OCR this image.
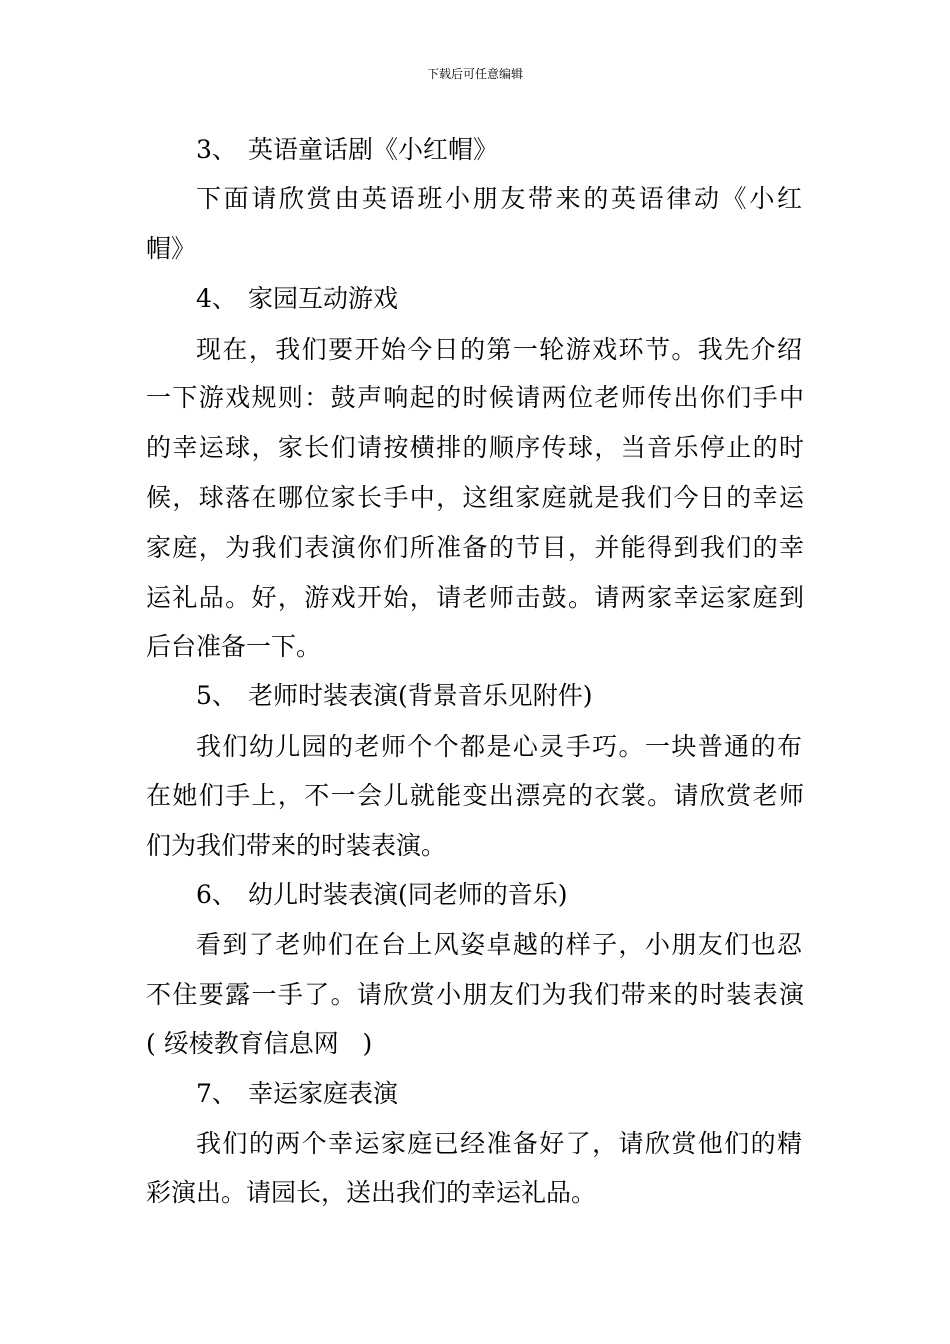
下载后可任意编辑
3、 英语童话剧《小红帽》
下面请欣赏由英语班小朋友带来的英语律动《小红
帽》
4、 家园互动游戏
现在，我们要开始今日的第一轮游戏环节。我先介绍
一下游戏规则：鼓声响起的时候请两位老师传出你们手中
的幸运球，家长们请按横排的顺序传球，当音乐停止的时
候，球落在哪位家长手中，这组家庭就是我们今日的幸运
家庭，为我们表演你们所准备的节目，并能得到我们的幸
运礼品。好，游戏开始，请老师击鼓。请两家幸运家庭到
后台准备一下。
5、 老师时装表演(背景音乐见附件)
我们幼儿园的老师个个都是心灵手巧。一块普通的布
在她们手上，不一会儿就能变出漂亮的衣裳。请欣赏老师
们为我们带来的时装表演。
6、 幼儿时装表演(同老师的音乐)
看到了老帅们在台上风姿卓越的样子，小朋友们也忍
不住要露一手了。请欣赏小朋友们为我们带来的时装表演
( 绥棱教育信息网   )
7、 幸运家庭表演
我们的两个幸运家庭已经准备好了，请欣赏他们的精
彩演出。请园长，送出我们的幸运礼品。
